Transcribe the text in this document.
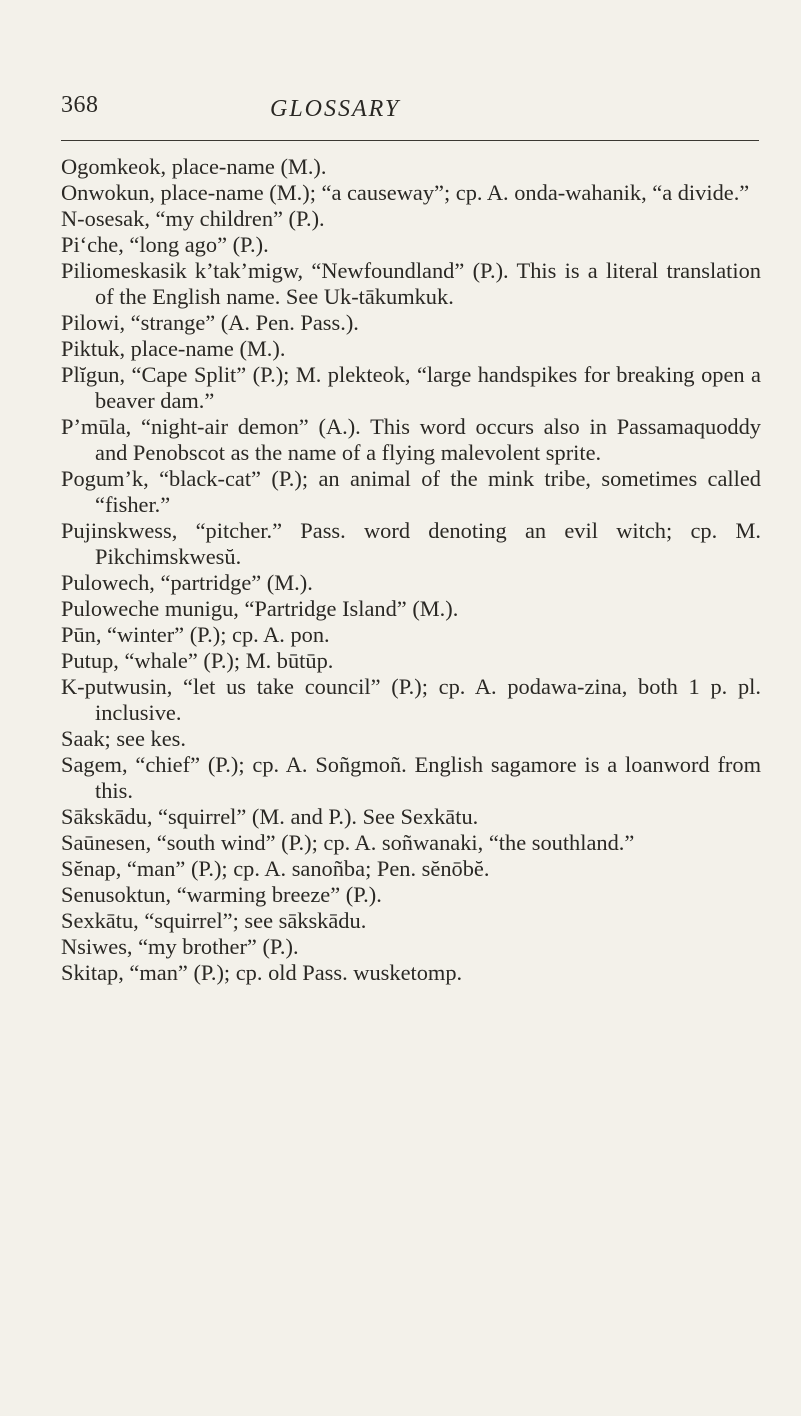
368	GLOSSARY

Ogomkeok, place-name (M.).

Onwokun, place-name (M.); “a causeway”; cp. A. onda-wahanik, “a divide.”

N-osesak, “my children” (P.).

Pi‘che, “long ago” (P.).

Piliomeskasik k’tak’migw, “Newfoundland” (P.). This is a literal translation of the English name. See Uk-tākumkuk.

Pilowi, “strange” (A. Pen. Pass.).

Piktuk, place-name (M.).

Plĭgun, “Cape Split” (P.); M. plekteok, “large handspikes for breaking open a beaver dam.”

P’mūla, “night-air demon” (A.). This word occurs also in Passamaquoddy and Penobscot as the name of a flying malevolent sprite.

Pogum’k, “black-cat” (P.); an animal of the mink tribe, sometimes called “fisher.”

Pujinskwess, “pitcher.” Pass. word denoting an evil witch; cp. M. Pikchimskwesŭ.

Pulowech, “partridge” (M.).

Puloweche munigu, “Partridge Island” (M.).

Pūn, “winter” (P.); cp. A. pon.

Putup, “whale” (P.); M. būtūp.

K-putwusin, “let us take council” (P.); cp. A. podawa-zina, both 1 p. pl. inclusive.

Saak; see kes.

Sagem, “chief” (P.); cp. A. Soñgmoñ. English sagamore is a loanword from this.

Sākskādu, “squirrel” (M. and P.). See Sexkātu.

Saūnesen, “south wind” (P.); cp. A. soñwanaki, “the southland.”

Sĕnap, “man” (P.); cp. A. sanoñba; Pen. sĕnōbĕ.

Senusoktun, “warming breeze” (P.).

Sexkātu, “squirrel”; see sākskādu.

Nsiwes, “my brother” (P.).

Skitap, “man” (P.); cp. old Pass. wusketomp.
